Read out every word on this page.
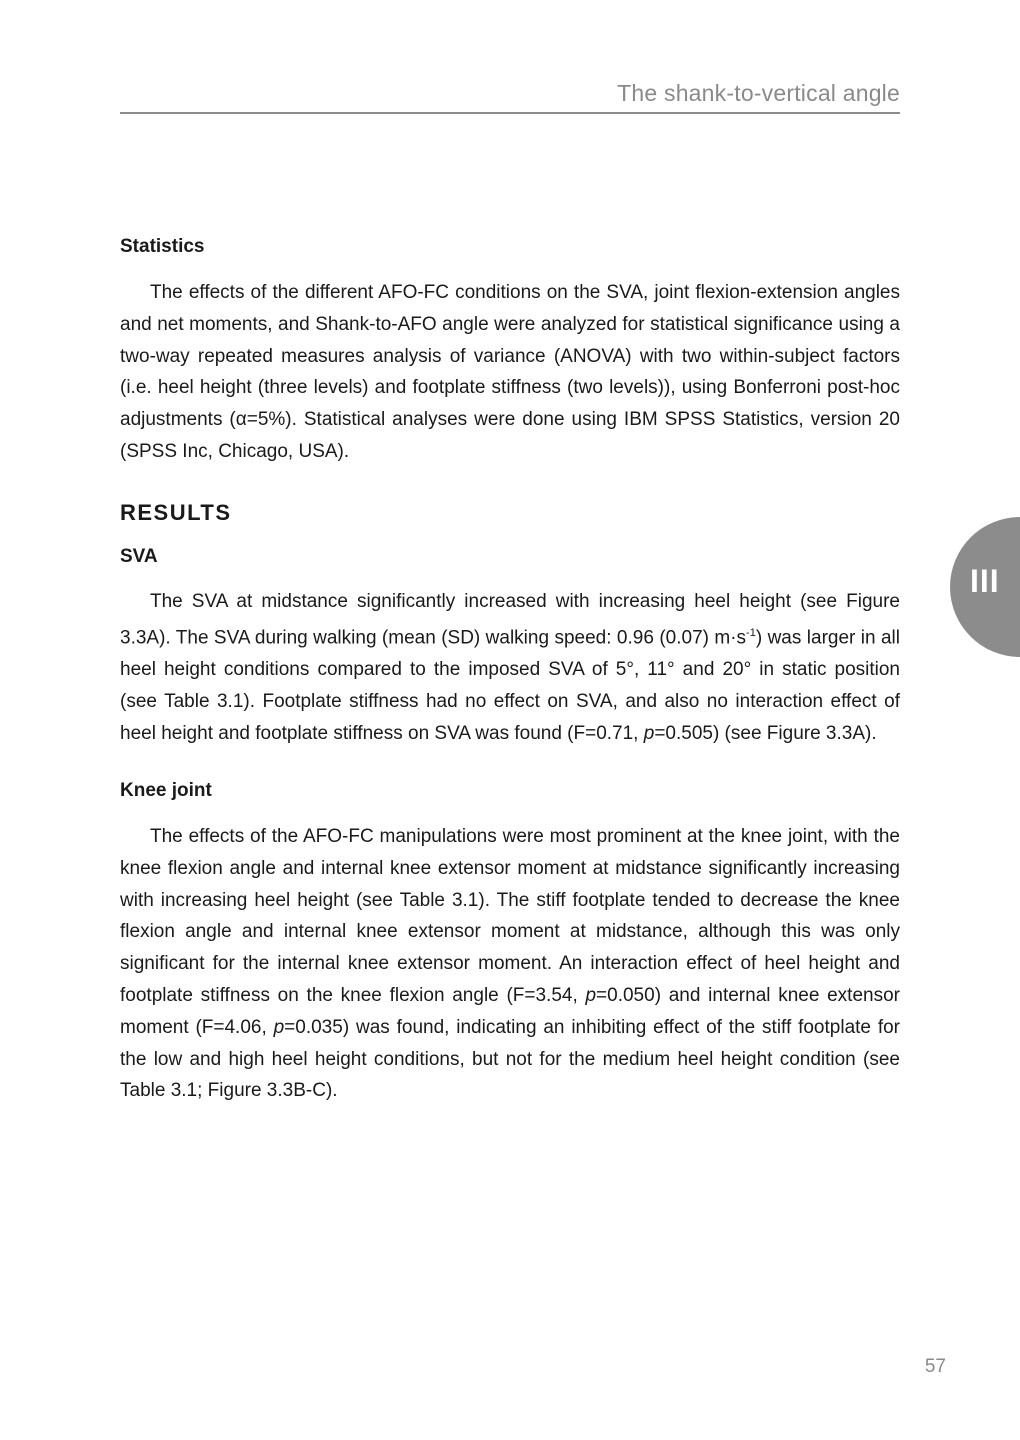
The shank-to-vertical angle
Statistics

The effects of the different AFO-FC conditions on the SVA, joint flexion-extension angles and net moments, and Shank-to-AFO angle were analyzed for statistical significance using a two-way repeated measures analysis of variance (ANOVA) with two within-subject factors (i.e. heel height (three levels) and footplate stiffness (two levels)), using Bonferroni post-hoc adjustments (α=5%). Statistical analyses were done using IBM SPSS Statistics, version 20 (SPSS Inc, Chicago, USA).

RESULTS
SVA

The SVA at midstance significantly increased with increasing heel height (see Figure 3.3A). The SVA during walking (mean (SD) walking speed: 0.96 (0.07) $m\cdot s^{-1}$) was larger in all heel height conditions compared to the imposed SVA of 5°, 11° and 20° in static position (see Table 3.1). Footplate stiffness had no effect on SVA, and also no interaction effect of heel height and footplate stiffness on SVA was found (F=0.71, p=0.505) (see Figure 3.3A).

Knee joint

The effects of the AFO-FC manipulations were most prominent at the knee joint, with the knee flexion angle and internal knee extensor moment at midstance significantly increasing with increasing heel height (see Table 3.1). The stiff footplate tended to decrease the knee flexion angle and internal knee extensor moment at midstance, although this was only significant for the internal knee extensor moment. An interaction effect of heel height and footplate stiffness on the knee flexion angle (F=3.54, p=0.050) and internal knee extensor moment (F=4.06, p=0.035) was found, indicating an inhibiting effect of the stiff footplate for the low and high heel height conditions, but not for the medium heel height condition (see Table 3.1; Figure 3.3B-C).

III
57
